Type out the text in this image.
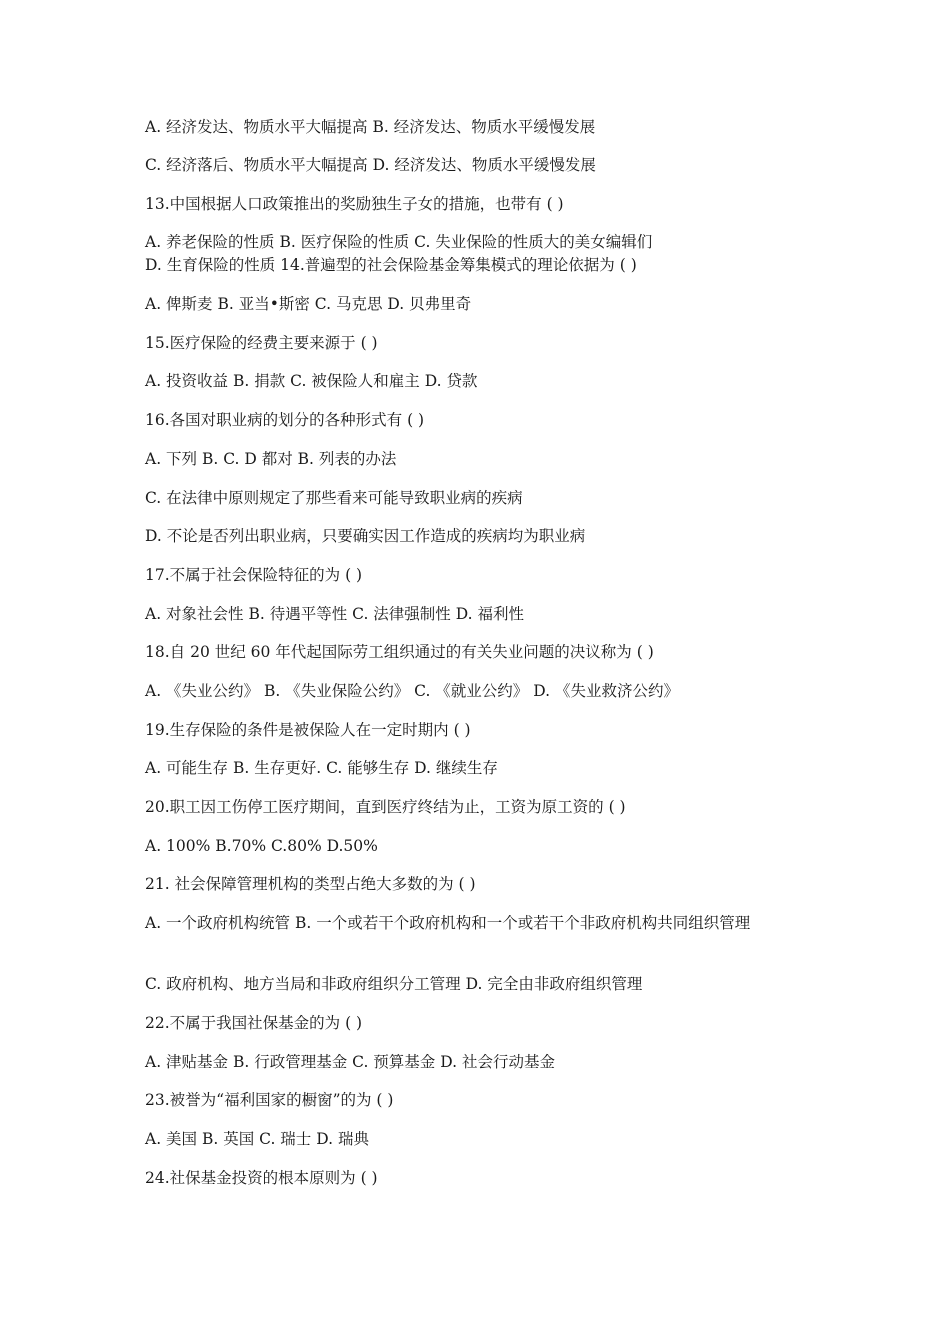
A. 经济发达、物质水平大幅提高 B. 经济发达、物质水平缓慢发展
C. 经济落后、物质水平大幅提高 D. 经济发达、物质水平缓慢发展
13.中国根据人口政策推出的奖励独生子女的措施，也带有 ( )
A. 养老保险的性质 B. 医疗保险的性质 C. 失业保险的性质大的美女编辑们
D. 生育保险的性质 14.普遍型的社会保险基金筹集模式的理论依据为 ( )
A. 俾斯麦 B. 亚当•斯密 C. 马克思 D. 贝弗里奇
15.医疗保险的经费主要来源于 ( )
A. 投资收益 B. 捐款 C. 被保险人和雇主 D. 贷款
16.各国对职业病的划分的各种形式有 ( )
A. 下列 B. C. D 都对 B. 列表的办法
C. 在法律中原则规定了那些看来可能导致职业病的疾病
D. 不论是否列出职业病，只要确实因工作造成的疾病均为职业病
17.不属于社会保险特征的为 ( )
A. 对象社会性 B. 待遇平等性 C. 法律强制性 D. 福利性
18.自 20 世纪 60 年代起国际劳工组织通过的有关失业问题的决议称为 ( )
A. 《失业公约》 B. 《失业保险公约》 C. 《就业公约》 D. 《失业救济公约》
19.生存保险的条件是被保险人在一定时期内 ( )
A. 可能生存 B. 生存更好. C. 能够生存 D. 继续生存
20.职工因工伤停工医疗期间，直到医疗终结为止，工资为原工资的 ( )
A. 100% B.70% C.80% D.50%
21. 社会保障管理机构的类型占绝大多数的为 ( )
A. 一个政府机构统管 B. 一个或若干个政府机构和一个或若干个非政府机构共同组织管理
C. 政府机构、地方当局和非政府组织分工管理 D. 完全由非政府组织管理
22.不属于我国社保基金的为 ( )
A. 津贴基金 B. 行政管理基金 C. 预算基金 D. 社会行动基金
23.被誉为“福利国家的橱窗”的为 ( )
A. 美国 B. 英国 C. 瑞士 D. 瑞典
24.社保基金投资的根本原则为 ( )
